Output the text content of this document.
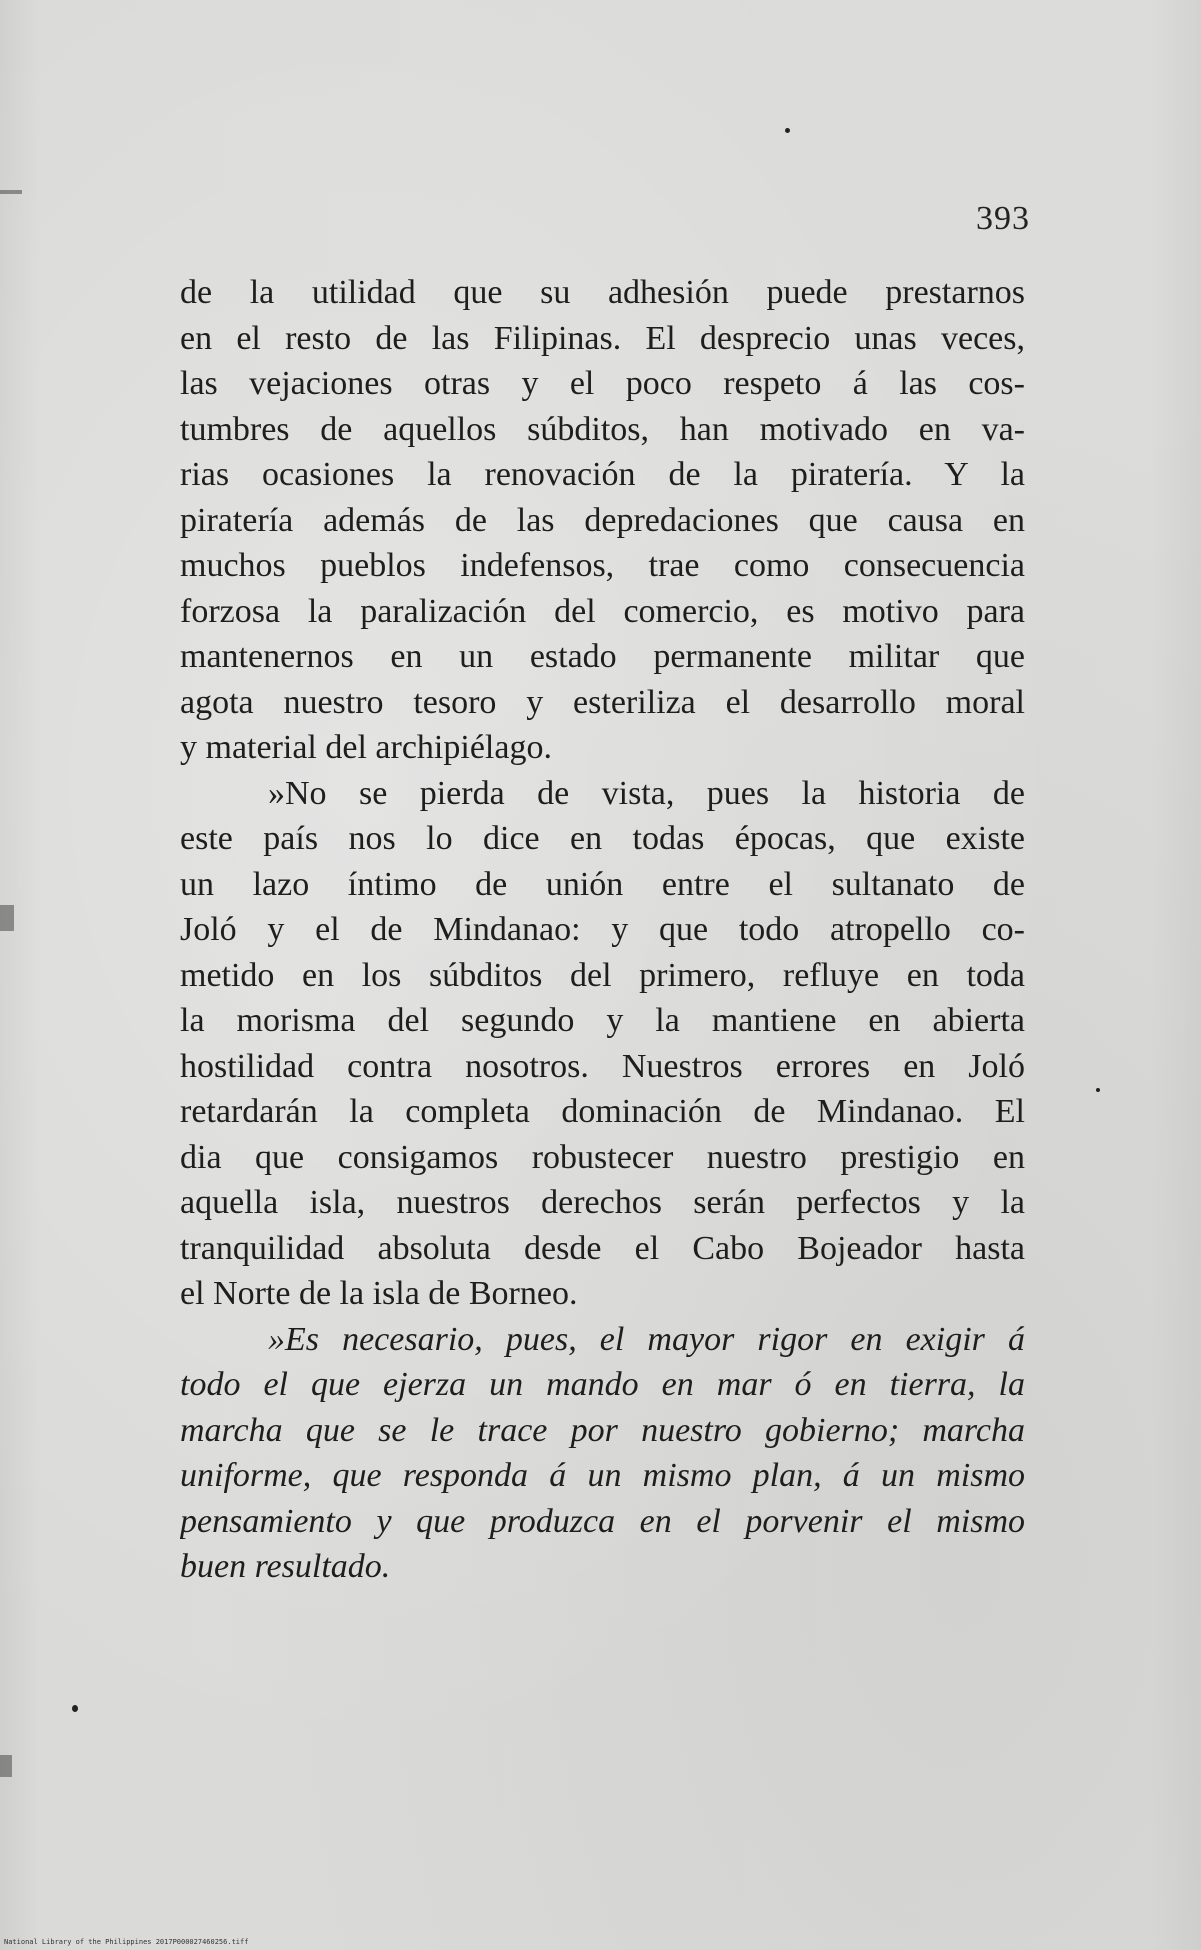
393

de la utilidad que su adhesión puede prestarnos
en el resto de las Filipinas. El desprecio unas veces,
las vejaciones otras y el poco respeto á las cos-
tumbres de aquellos súbditos, han motivado en va-
rias ocasiones la renovación de la piratería. Y la
piratería además de las depredaciones que causa en
muchos pueblos indefensos, trae como consecuencia
forzosa la paralización del comercio, es motivo para
mantenernos en un estado permanente militar que
agota nuestro tesoro y esteriliza el desarrollo moral
y material del archipiélago.

»No se pierda de vista, pues la historia de
este país nos lo dice en todas épocas, que existe
un lazo íntimo de unión entre el sultanato de
Joló y el de Mindanao: y que todo atropello co-
metido en los súbditos del primero, refluye en toda
la morisma del segundo y la mantiene en abierta
hostilidad contra nosotros. Nuestros errores en Joló
retardarán la completa dominación de Mindanao. El
dia que consigamos robustecer nuestro prestigio en
aquella isla, nuestros derechos serán perfectos y la
tranquilidad absoluta desde el Cabo Bojeador hasta
el Norte de la isla de Borneo.

»Es necesario, pues, el mayor rigor en exigir á
todo el que ejerza un mando en mar ó en tierra, la
marcha que se le trace por nuestro gobierno; marcha
uniforme, que responda á un mismo plan, á un mismo
pensamiento y que produzca en el porvenir el mismo
buen resultado.

National Library of the Philippines 2017P000027460256.tiff
